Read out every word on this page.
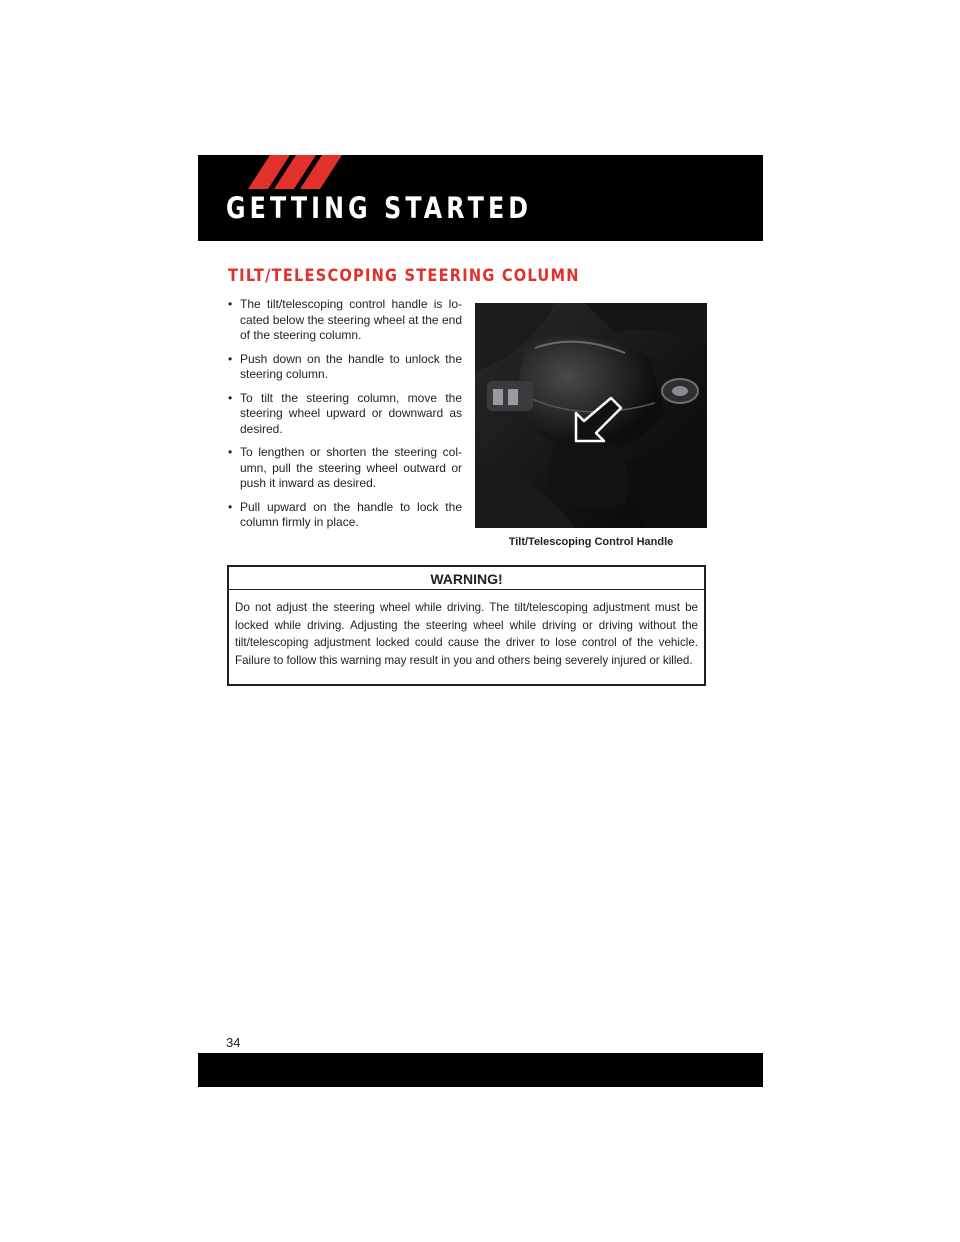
GETTING STARTED
TILT/TELESCOPING STEERING COLUMN
• The tilt/telescoping control handle is lo-cated below the steering wheel at the end of the steering column.
• Push down on the handle to unlock the steering column.
• To tilt the steering column, move the steering wheel upward or downward as desired.
• To lengthen or shorten the steering col-umn, pull the steering wheel outward or push it inward as desired.
• Pull upward on the handle to lock the column firmly in place.
Tilt/Telescoping Control Handle
WARNING!
Do not adjust the steering wheel while driving. The tilt/telescoping adjustment must be locked while driving. Adjusting the steering wheel while driving or driving without the tilt/telescoping adjustment locked could cause the driver to lose control of the vehicle. Failure to follow this warning may result in you and others being severely injured or killed.
34
